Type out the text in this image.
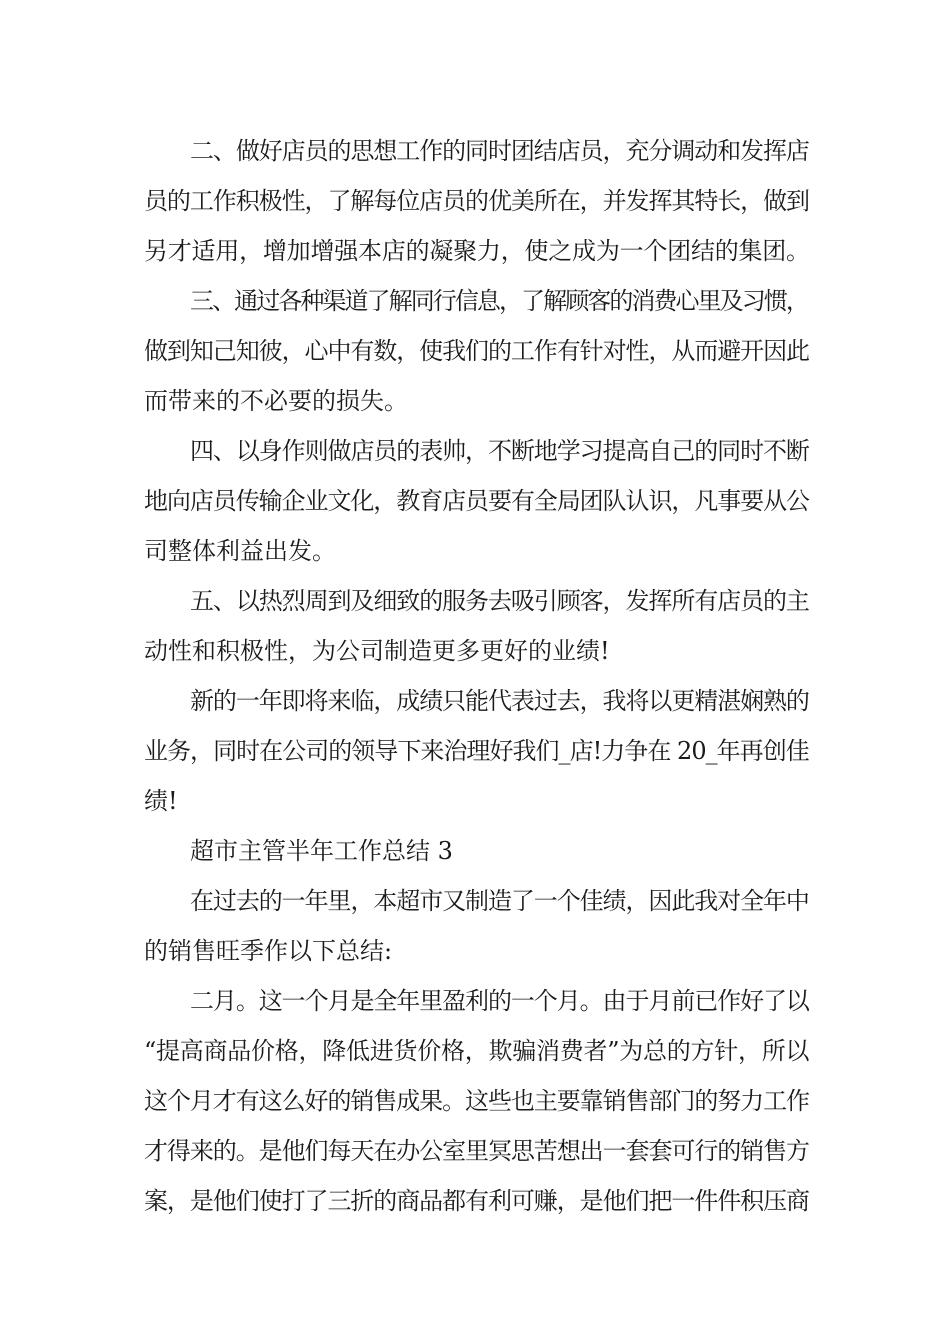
二、做好店员的思想工作的同时团结店员，充分调动和发挥店
员的工作积极性，了解每位店员的优美所在，并发挥其特长，做到
另才适用，增加增强本店的凝聚力，使之成为一个团结的集团。
三、通过各种渠道了解同行信息，了解顾客的消费心里及习惯，
做到知己知彼，心中有数，使我们的工作有针对性，从而避开因此
而带来的不必要的损失。
四、以身作则做店员的表帅，不断地学习提高自己的同时不断
地向店员传输企业文化，教育店员要有全局团队认识，凡事要从公
司整体利益出发。
五、以热烈周到及细致的服务去吸引顾客，发挥所有店员的主
动性和积极性，为公司制造更多更好的业绩!
新的一年即将来临，成绩只能代表过去，我将以更精湛娴熟的
业务，同时在公司的领导下来治理好我们_店!力争在 20_年再创佳
绩!
超市主管半年工作总结 3
在过去的一年里，本超市又制造了一个佳绩，因此我对全年中
的销售旺季作以下总结:
二月。这一个月是全年里盈利的一个月。由于月前已作好了以
“提高商品价格，降低进货价格，欺骗消费者”为总的方针，所以
这个月才有这么好的销售成果。这些也主要靠销售部门的努力工作
才得来的。是他们每天在办公室里冥思苦想出一套套可行的销售方
案，是他们使打了三折的商品都有利可赚，是他们把一件件积压商
